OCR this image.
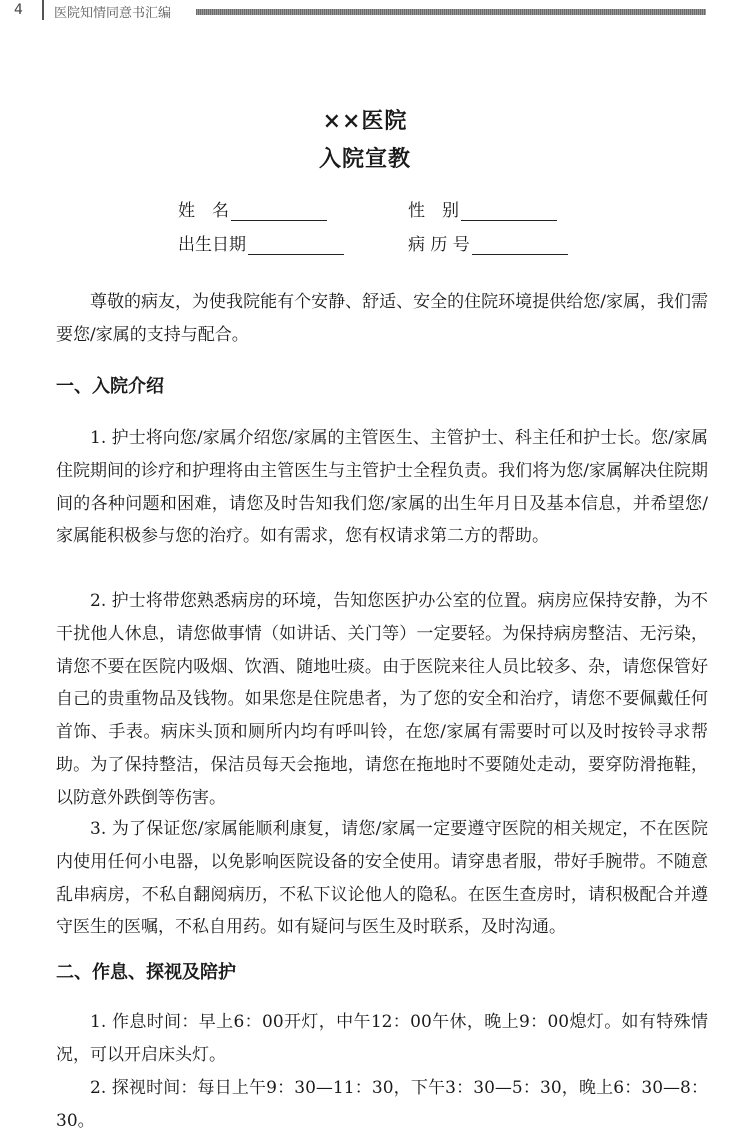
4 医院知情同意书汇编
××医院
入院宣教
姓　名	性　别
出生日期	病 历 号

尊敬的病友，为使我院能有个安静、舒适、安全的住院环境提供给您/家属，我们需要您/家属的支持与配合。

一、入院介绍

1. 护士将向您/家属介绍您/家属的主管医生、主管护士、科主任和护士长。您/家属住院期间的诊疗和护理将由主管医生与主管护士全程负责。我们将为您/家属解决住院期间的各种问题和困难，请您及时告知我们您/家属的出生年月日及基本信息，并希望您/家属能积极参与您的治疗。如有需求，您有权请求第二方的帮助。

2. 护士将带您熟悉病房的环境，告知您医护办公室的位置。病房应保持安静，为不干扰他人休息，请您做事情（如讲话、关门等）一定要轻。为保持病房整洁、无污染，请您不要在医院内吸烟、饮酒、随地吐痰。由于医院来往人员比较多、杂，请您保管好自己的贵重物品及钱物。如果您是住院患者，为了您的安全和治疗，请您不要佩戴任何首饰、手表。病床头顶和厕所内均有呼叫铃，在您/家属有需要时可以及时按铃寻求帮助。为了保持整洁，保洁员每天会拖地，请您在拖地时不要随处走动，要穿防滑拖鞋，以防意外跌倒等伤害。

3. 为了保证您/家属能顺利康复，请您/家属一定要遵守医院的相关规定，不在医院内使用任何小电器，以免影响医院设备的安全使用。请穿患者服，带好手腕带。不随意乱串病房，不私自翻阅病历，不私下议论他人的隐私。在医生查房时，请积极配合并遵守医生的医嘱，不私自用药。如有疑问与医生及时联系，及时沟通。

二、作息、探视及陪护

1. 作息时间：早上6：00开灯，中午12：00午休，晚上9：00熄灯。如有特殊情况，可以开启床头灯。

2. 探视时间：每日上午9：30—11：30，下午3：30—5：30，晚上6：30—8：30。
